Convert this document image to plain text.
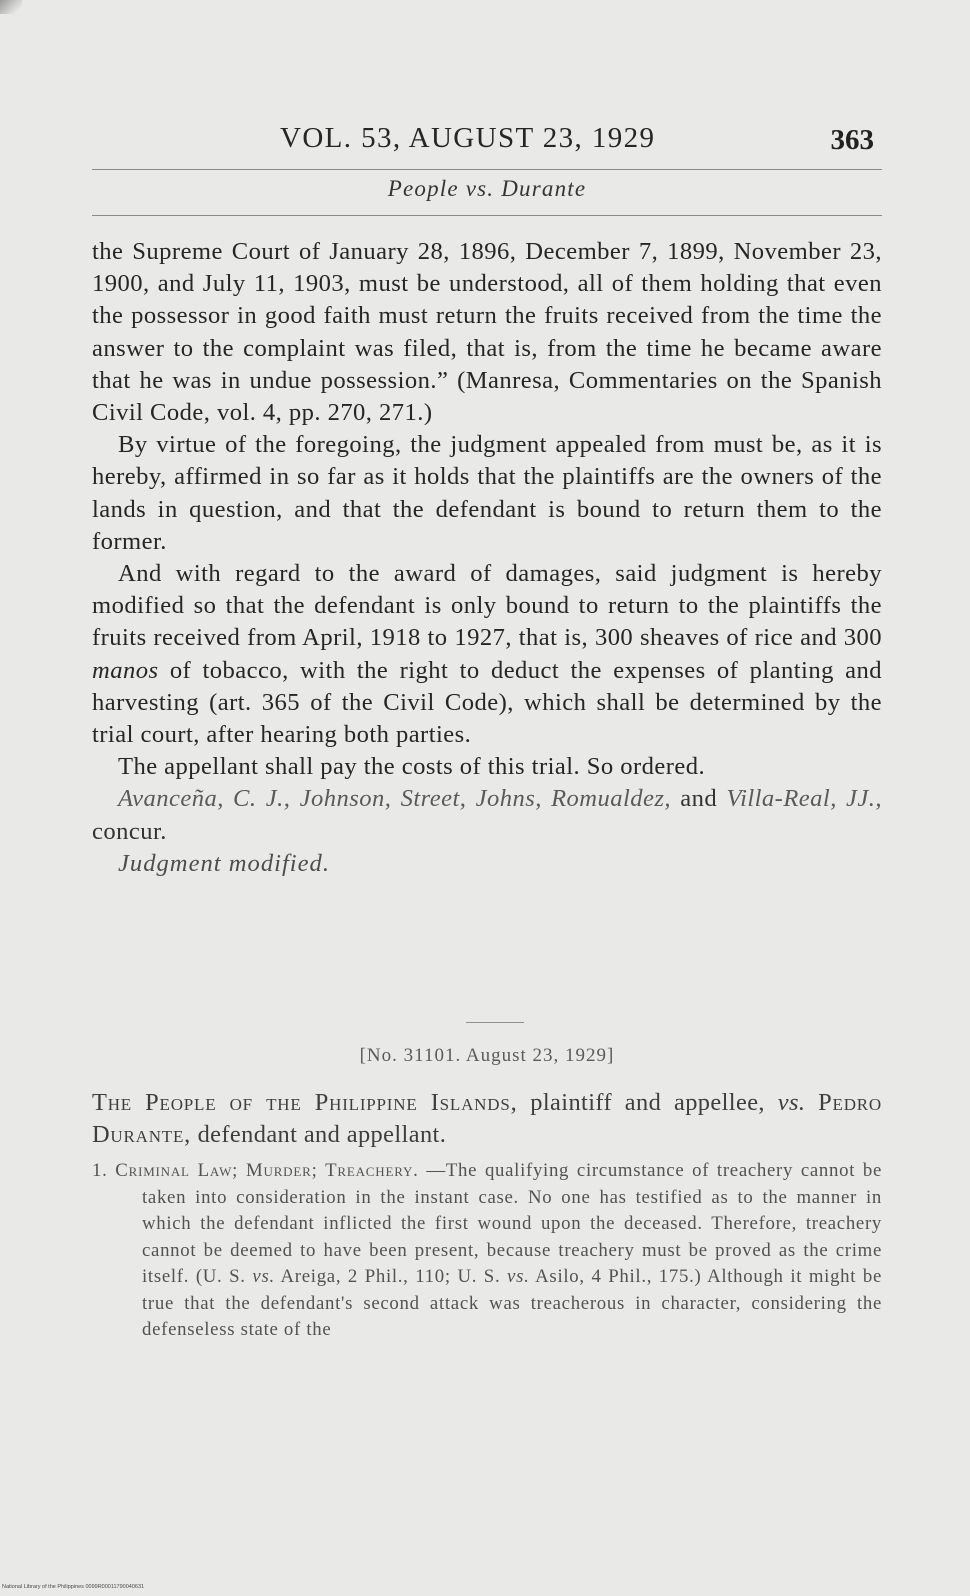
VOL. 53, AUGUST 23, 1929	363
People vs. Durante

the Supreme Court of January 28, 1896, December 7, 1899, November 23, 1900, and July 11, 1903, must be understood, all of them holding that even the possessor in good faith must return the fruits received from the time the answer to the complaint was filed, that is, from the time he became aware that he was in undue possession.” (Manresa, Commentaries on the Spanish Civil Code, vol. 4, pp. 270, 271.)

By virtue of the foregoing, the judgment appealed from must be, as it is hereby, affirmed in so far as it holds that the plaintiffs are the owners of the lands in question, and that the defendant is bound to return them to the former.

And with regard to the award of damages, said judgment is hereby modified so that the defendant is only bound to return to the plaintiffs the fruits received from April, 1918 to 1927, that is, 300 sheaves of rice and 300 manos of tobacco, with the right to deduct the expenses of planting and harvesting (art. 365 of the Civil Code), which shall be determined by the trial court, after hearing both parties.

The appellant shall pay the costs of this trial. So ordered.

Avanceña, C. J., Johnson, Street, Johns, Romualdez, and Villa-Real, JJ., concur.

Judgment modified.

[No. 31101. August 23, 1929]
The People of the Philippine Islands, plaintiff and appellee, vs. Pedro Durante, defendant and appellant.

1. Criminal Law; Murder; Treachery. —The qualifying circumstance of treachery cannot be taken into consideration in the instant case. No one has testified as to the manner in which the defendant inflicted the first wound upon the deceased. Therefore, treachery cannot be deemed to have been present, because treachery must be proved as the crime itself. (U. S. vs. Areiga, 2 Phil., 110; U. S. vs. Asilo, 4 Phil., 175.) Although it might be true that the defendant's second attack was treacherous in character, considering the defenseless state of the

National Library of the Philippines 0099R00011790040631
